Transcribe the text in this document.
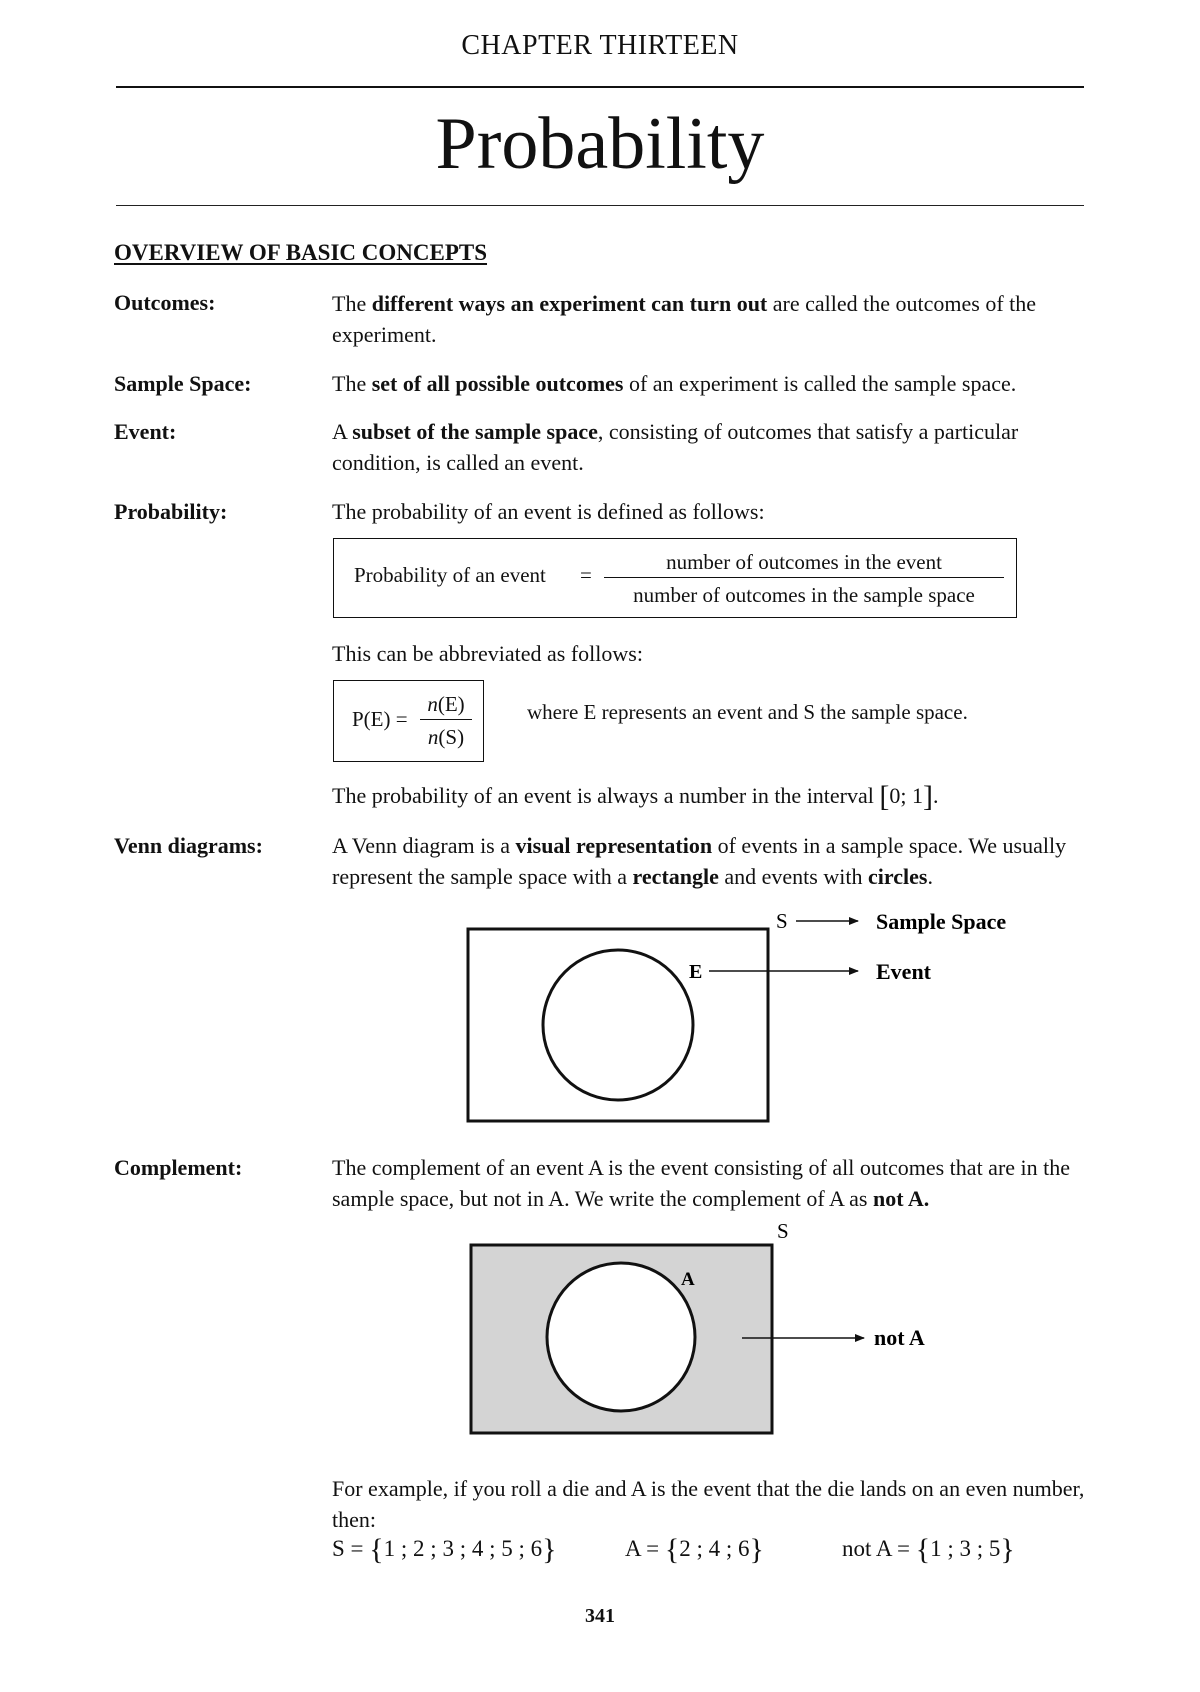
CHAPTER THIRTEEN
Probability
OVERVIEW OF BASIC CONCEPTS
Outcomes:	The different ways an experiment can turn out are called the outcomes of the experiment.
Sample Space:	The set of all possible outcomes of an experiment is called the sample space.
Event:	A subset of the sample space, consisting of outcomes that satisfy a particular condition, is called an event.
Probability:	The probability of an event is defined as follows:
Probability of an event =
number of outcomes in the event
number of outcomes in the sample space
This can be abbreviated as follows:
$P(E) = \frac{n(E)}{n(S)}$	where E represents an event and S the sample space.
The probability of an event is always a number in the interval [0; 1].
Venn diagrams:	A Venn diagram is a visual representation of events in a sample space. We usually represent the sample space with a rectangle and events with circles.
S	Sample Space
E	Event
S
A
not A
Complement:	The complement of an event A is the event consisting of all outcomes that are in the sample space, but not in A. We write the complement of A as not A.
For example, if you roll a die and A is the event that the die lands on an even number, then:
S = {1 ; 2 ; 3 ; 4 ; 5 ; 6}	A = {2 ; 4 ; 6}	not A = {1 ; 3 ; 5}
341
